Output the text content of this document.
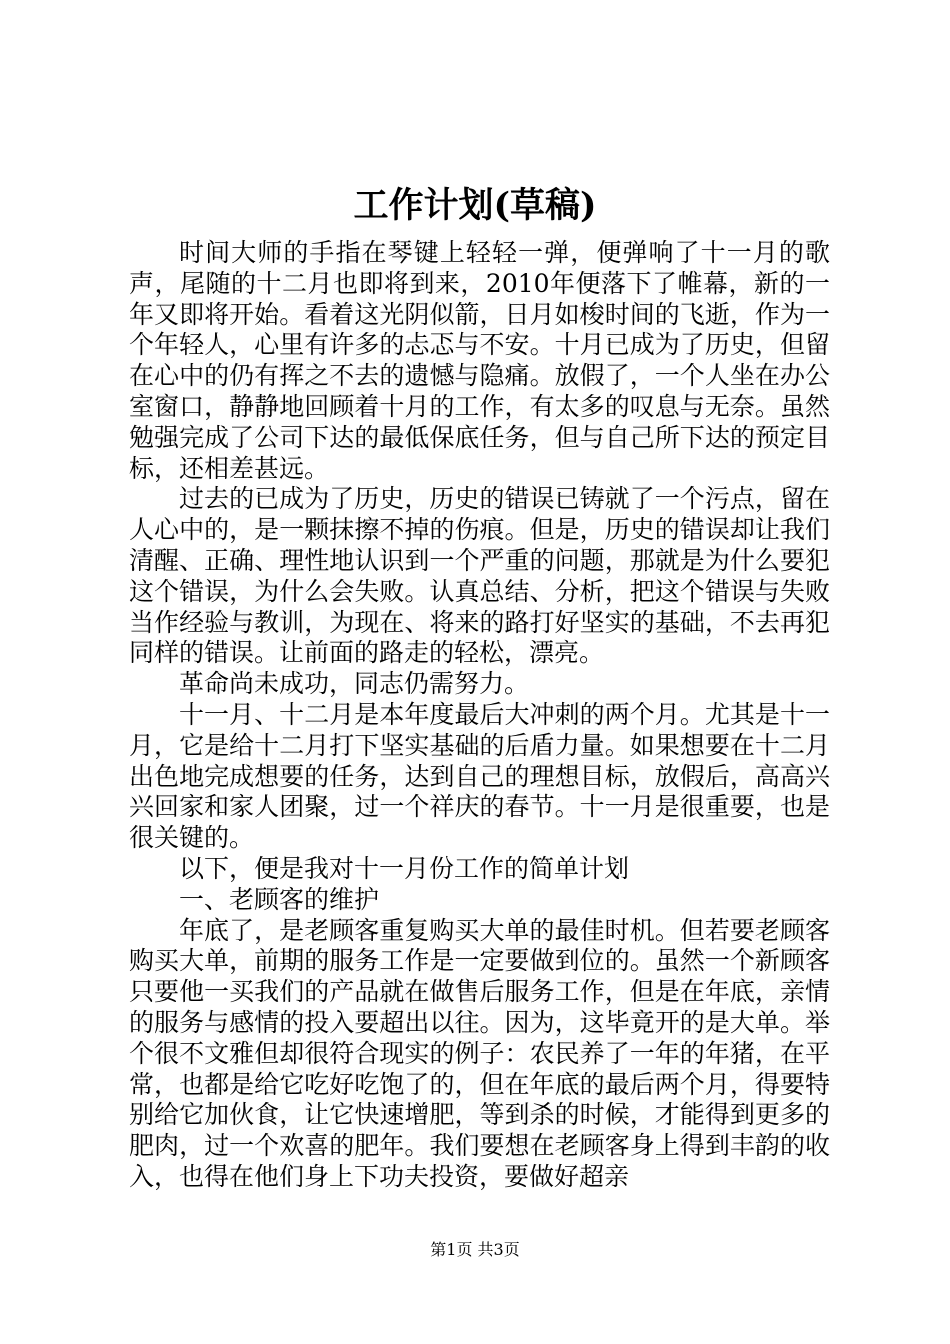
工作计划(草稿)

时间大师的手指在琴键上轻轻一弹，便弹响了十一月的歌声，尾随的十二月也即将到来，2010年便落下了帷幕，新的一年又即将开始。看着这光阴似箭，日月如梭时间的飞逝，作为一个年轻人，心里有许多的忐忑与不安。十月已成为了历史，但留在心中的仍有挥之不去的遗憾与隐痛。放假了，一个人坐在办公室窗口，静静地回顾着十月的工作，有太多的叹息与无奈。虽然勉强完成了公司下达的最低保底任务，但与自己所下达的预定目标，还相差甚远。

过去的已成为了历史，历史的错误已铸就了一个污点，留在人心中的，是一颗抹擦不掉的伤痕。但是，历史的错误却让我们清醒、正确、理性地认识到一个严重的问题，那就是为什么要犯这个错误，为什么会失败。认真总结、分析，把这个错误与失败当作经验与教训，为现在、将来的路打好坚实的基础，不去再犯同样的错误。让前面的路走的轻松，漂亮。

革命尚未成功，同志仍需努力。

十一月、十二月是本年度最后大冲刺的两个月。尤其是十一月，它是给十二月打下坚实基础的后盾力量。如果想要在十二月出色地完成想要的任务，达到自己的理想目标，放假后，高高兴兴回家和家人团聚，过一个祥庆的春节。十一月是很重要，也是很关键的。

以下，便是我对十一月份工作的简单计划

一、老顾客的维护

年底了，是老顾客重复购买大单的最佳时机。但若要老顾客购买大单，前期的服务工作是一定要做到位的。虽然一个新顾客只要他一买我们的产品就在做售后服务工作，但是在年底，亲情的服务与感情的投入要超出以往。因为，这毕竟开的是大单。举个很不文雅但却很符合现实的例子：农民养了一年的年猪，在平常，也都是给它吃好吃饱了的，但在年底的最后两个月，得要特别给它加伙食，让它快速增肥，等到杀的时候，才能得到更多的肥肉，过一个欢喜的肥年。我们要想在老顾客身上得到丰韵的收入，也得在他们身上下功夫投资，要做好超亲

第1页 共3页
